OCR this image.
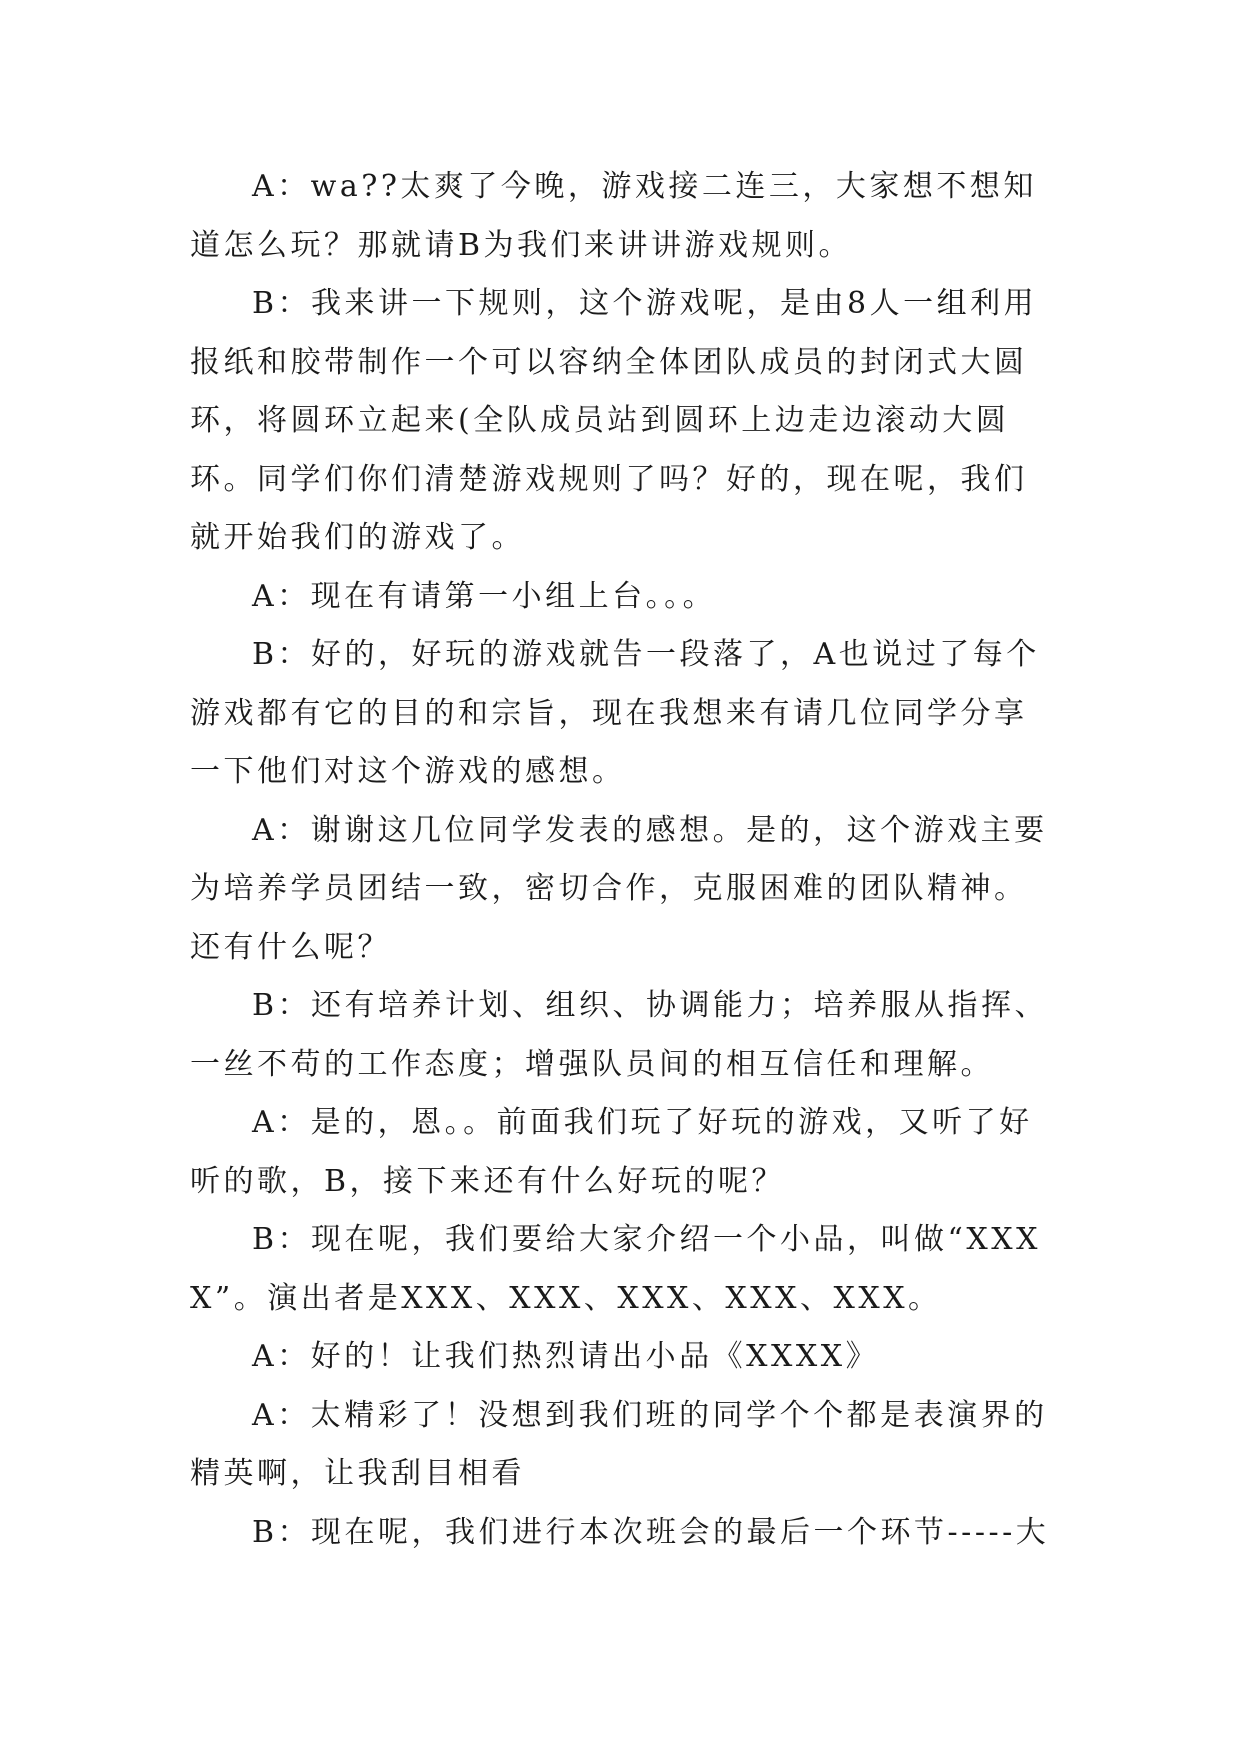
A：wa??太爽了今晚，游戏接二连三，大家想不想知道怎么玩？那就请B为我们来讲讲游戏规则。

B：我来讲一下规则，这个游戏呢，是由8人一组利用报纸和胶带制作一个可以容纳全体团队成员的封闭式大圆环，将圆环立起来(全队成员站到圆环上边走边滚动大圆环。同学们你们清楚游戏规则了吗？好的，现在呢，我们就开始我们的游戏了。

A：现在有请第一小组上台。。。

B：好的，好玩的游戏就告一段落了，A也说过了每个游戏都有它的目的和宗旨，现在我想来有请几位同学分享一下他们对这个游戏的感想。

A：谢谢这几位同学发表的感想。是的，这个游戏主要为培养学员团结一致，密切合作，克服困难的团队精神。还有什么呢？

B：还有培养计划、组织、协调能力；培养服从指挥、一丝不苟的工作态度；增强队员间的相互信任和理解。

A：是的，恩。。前面我们玩了好玩的游戏，又听了好听的歌，B，接下来还有什么好玩的呢？

B：现在呢，我们要给大家介绍一个小品，叫做“XXXX”。演出者是XXX、XXX、XXX、XXX、XXX。

A：好的！让我们热烈请出小品《XXXX》

A：太精彩了！没想到我们班的同学个个都是表演界的精英啊，让我刮目相看

B：现在呢，我们进行本次班会的最后一个环节-----大
